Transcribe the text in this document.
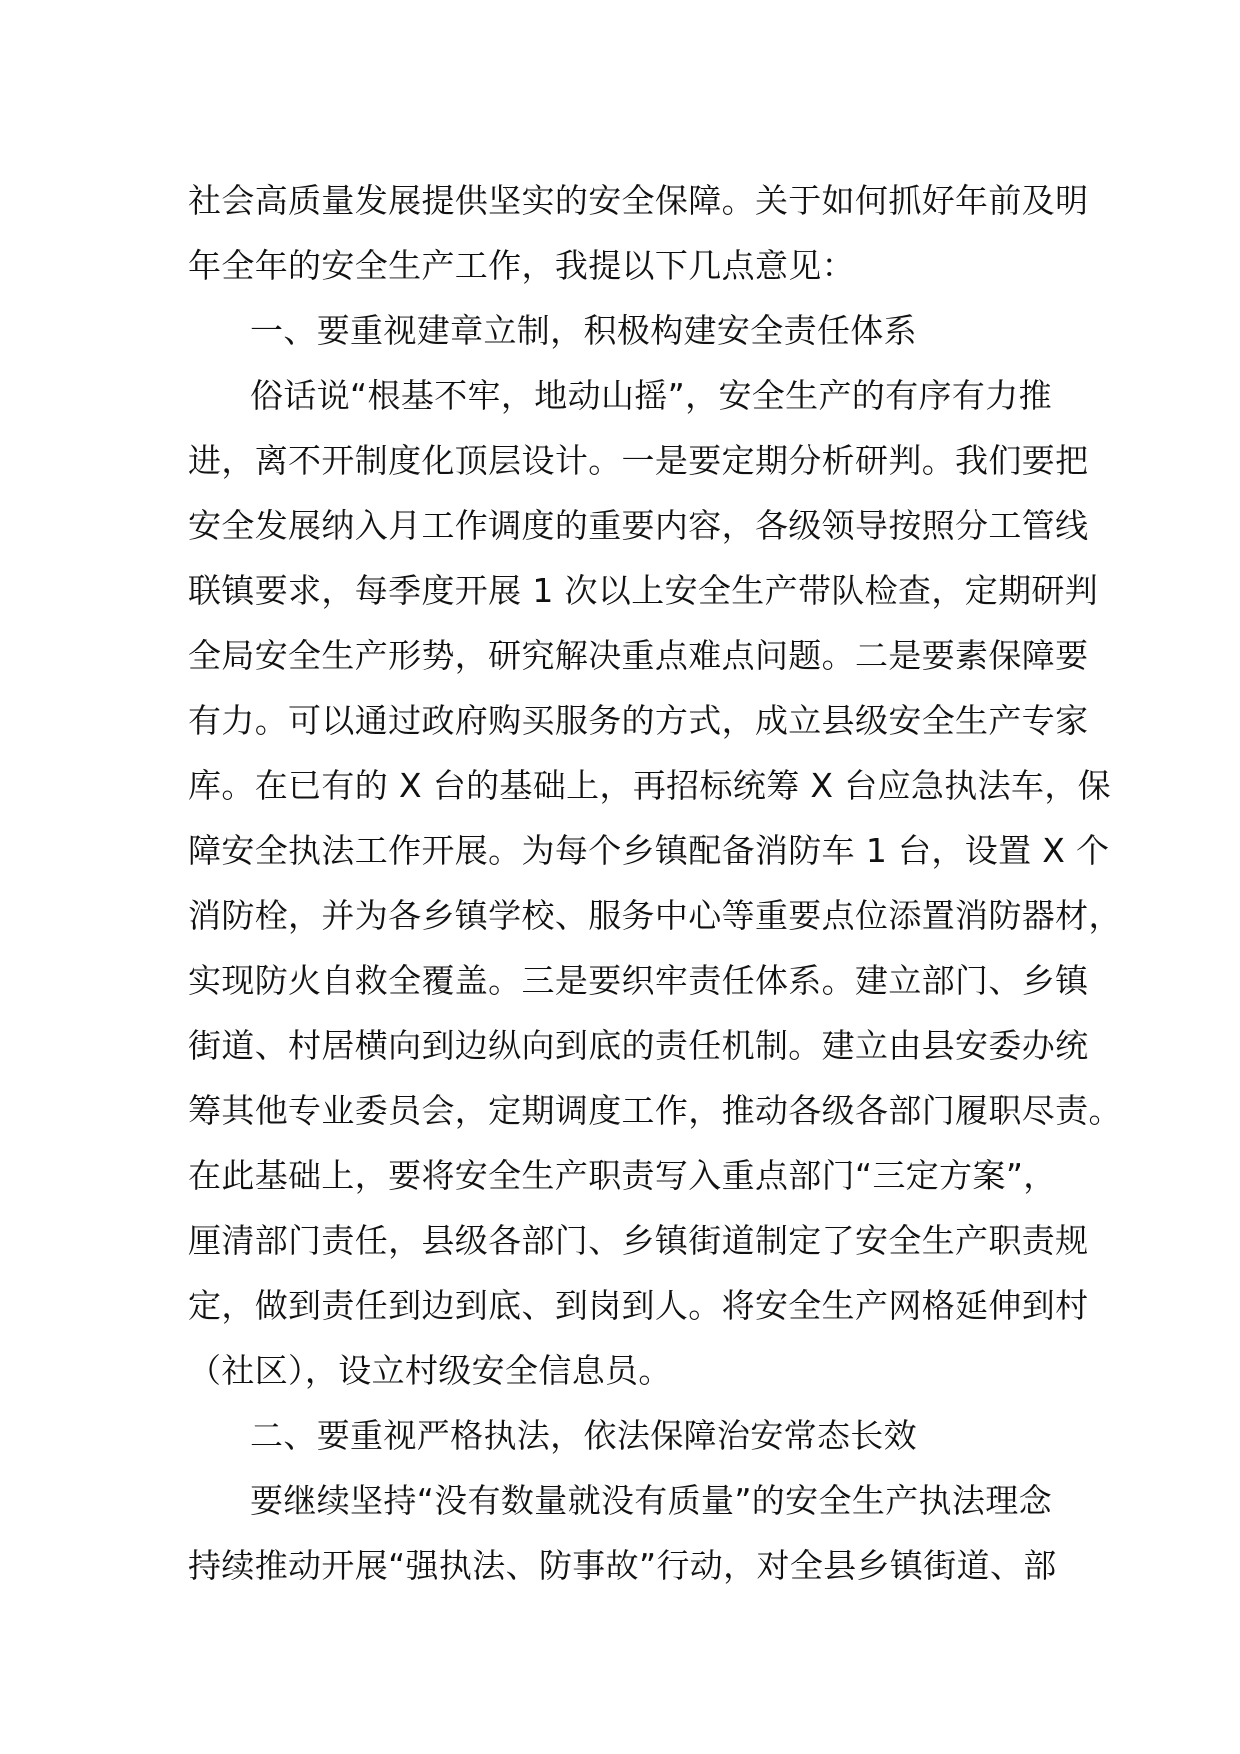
社会高质量发展提供坚实的安全保障。关于如何抓好年前及明
年全年的安全生产工作，我提以下几点意见：
一、要重视建章立制，积极构建安全责任体系
俗话说“根基不牢，地动山摇”，安全生产的有序有力推
进，离不开制度化顶层设计。一是要定期分析研判。我们要把
安全发展纳入月工作调度的重要内容，各级领导按照分工管线
联镇要求，每季度开展 1 次以上安全生产带队检查，定期研判
全局安全生产形势，研究解决重点难点问题。二是要素保障要
有力。可以通过政府购买服务的方式，成立县级安全生产专家
库。在已有的 X 台的基础上，再招标统筹 X 台应急执法车，保
障安全执法工作开展。为每个乡镇配备消防车 1 台，设置 X 个
消防栓，并为各乡镇学校、服务中心等重要点位添置消防器材，
实现防火自救全覆盖。三是要织牢责任体系。建立部门、乡镇
街道、村居横向到边纵向到底的责任机制。建立由县安委办统
筹其他专业委员会，定期调度工作，推动各级各部门履职尽责。
在此基础上，要将安全生产职责写入重点部门“三定方案”，
厘清部门责任，县级各部门、乡镇街道制定了安全生产职责规
定，做到责任到边到底、到岗到人。将安全生产网格延伸到村
（社区），设立村级安全信息员。
二、要重视严格执法，依法保障治安常态长效
要继续坚持“没有数量就没有质量”的安全生产执法理念
持续推动开展“强执法、防事故”行动，对全县乡镇街道、部
